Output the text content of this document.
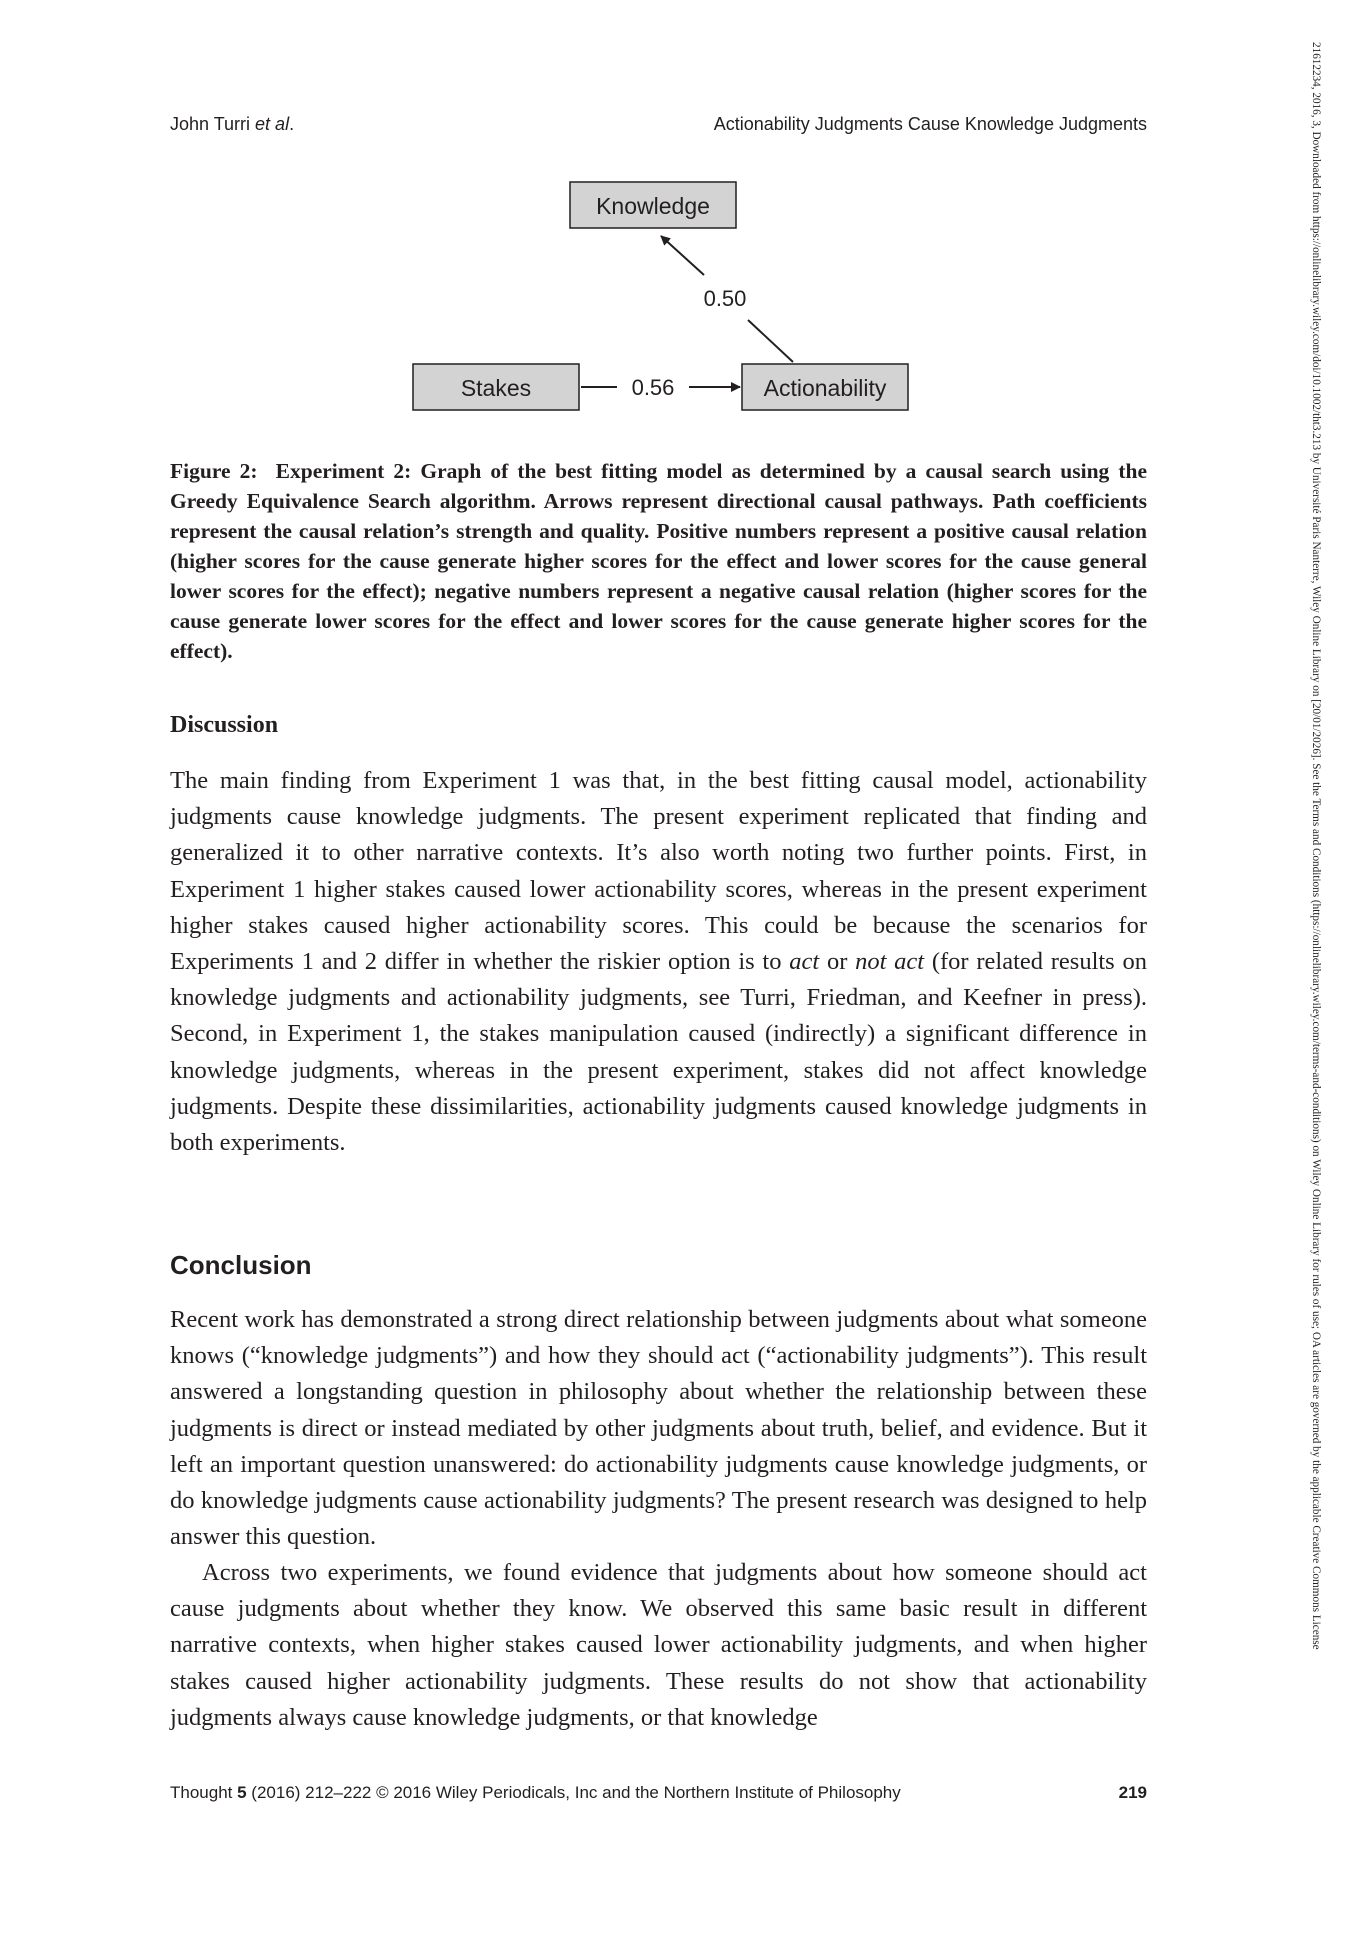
John Turri et al.	Actionability Judgments Cause Knowledge Judgments
Knowledge
Stakes	Actionability
0.50
0.56
Figure 2: Experiment 2: Graph of the best fitting model as determined by a causal search using the Greedy Equivalence Search algorithm. Arrows represent directional causal pathways. Path coefficients represent the causal relation’s strength and quality. Positive numbers represent a positive causal relation (higher scores for the cause generate higher scores for the effect and lower scores for the cause general lower scores for the effect); negative numbers represent a negative causal relation (higher scores for the cause generate lower scores for the effect and lower scores for the cause generate higher scores for the effect).
Discussion

The main finding from Experiment 1 was that, in the best fitting causal model, actionability judgments cause knowledge judgments. The present experiment replicated that finding and generalized it to other narrative contexts. It’s also worth noting two further points. First, in Experiment 1 higher stakes caused lower actionability scores, whereas in the present experiment higher stakes caused higher actionability scores. This could be because the scenarios for Experiments 1 and 2 differ in whether the riskier option is to act or not act (for related results on knowledge judgments and actionability judgments, see Turri, Friedman, and Keefner in press). Second, in Experiment 1, the stakes manipulation caused (indirectly) a significant difference in knowledge judgments, whereas in the present experiment, stakes did not affect knowledge judgments. Despite these dissimilarities, actionability judgments caused knowledge judgments in both experiments.

Conclusion

Recent work has demonstrated a strong direct relationship between judgments about what someone knows (“knowledge judgments”) and how they should act (“actionability judgments”). This result answered a longstanding question in philosophy about whether the relationship between these judgments is direct or instead mediated by other judgments about truth, belief, and evidence. But it left an important question unanswered: do actionability judgments cause knowledge judgments, or do knowledge judgments cause actionability judgments? The present research was designed to help answer this question.

Across two experiments, we found evidence that judgments about how someone should act cause judgments about whether they know. We observed this same basic result in different narrative contexts, when higher stakes caused lower actionability judgments, and when higher stakes caused higher actionability judgments. These results do not show that actionability judgments always cause knowledge judgments, or that knowledge

Thought 5 (2016) 212–222 © 2016 Wiley Periodicals, Inc and the Northern Institute of Philosophy	219
21612234, 2016, 3, Downloaded from https://onlinelibrary.wiley.com/doi/10.1002/tht3.213 by Université Paris Nanterre, Wiley Online Library on [20/01/2026]. See the Terms and Conditions (https://onlinelibrary.wiley.com/terms-and-conditions) on Wiley Online Library for rules of use; OA articles are governed by the applicable Creative Commons License
